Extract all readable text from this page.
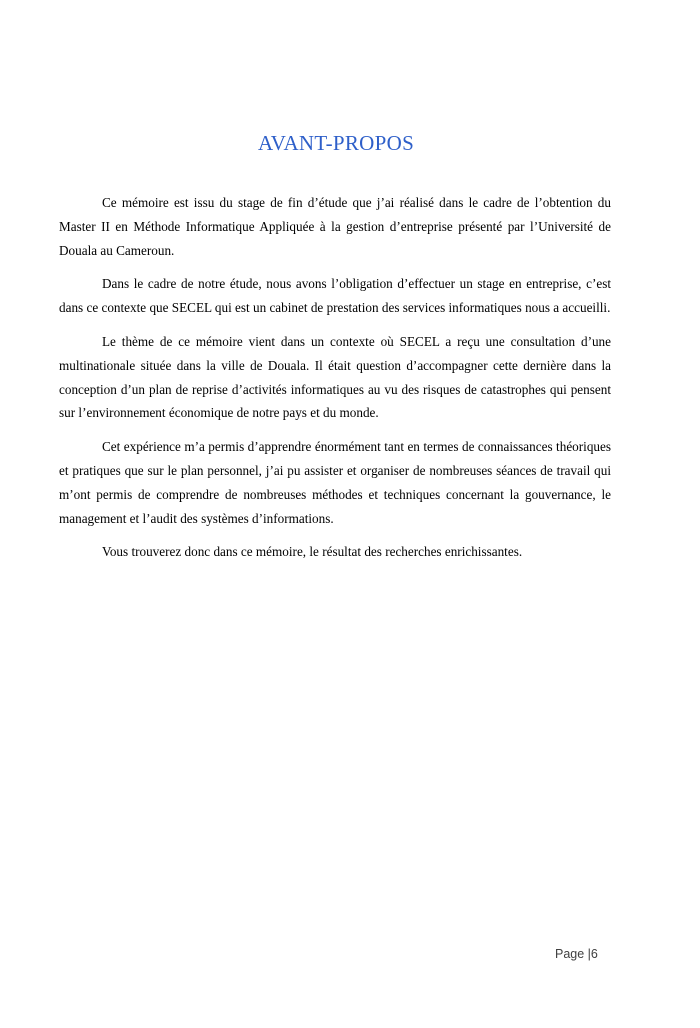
AVANT-PROPOS

Ce mémoire est issu du stage de fin d’étude que j’ai réalisé dans le cadre de l’obtention du Master II en Méthode Informatique Appliquée à la gestion d’entreprise présenté par l’Université de Douala au Cameroun.

Dans le cadre de notre étude, nous avons l’obligation d’effectuer un stage en entreprise, c’est dans ce contexte que SECEL qui est un cabinet de prestation des services informatiques nous a accueilli.

Le thème de ce mémoire vient dans un contexte où SECEL a reçu une consultation d’une multinationale située dans la ville de Douala. Il était question d’accompagner cette dernière dans la conception d’un plan de reprise d’activités informatiques au vu des risques de catastrophes qui pensent sur l’environnement économique de notre pays et du monde.

Cet expérience m’a permis d’apprendre énormément tant en termes de connaissances théoriques et pratiques que sur le plan personnel, j’ai pu assister et organiser de nombreuses séances de travail qui m’ont permis de comprendre de nombreuses méthodes et techniques concernant la gouvernance, le management et l’audit des systèmes d’informations.

Vous trouverez donc dans ce mémoire, le résultat des recherches enrichissantes.

Page |6
